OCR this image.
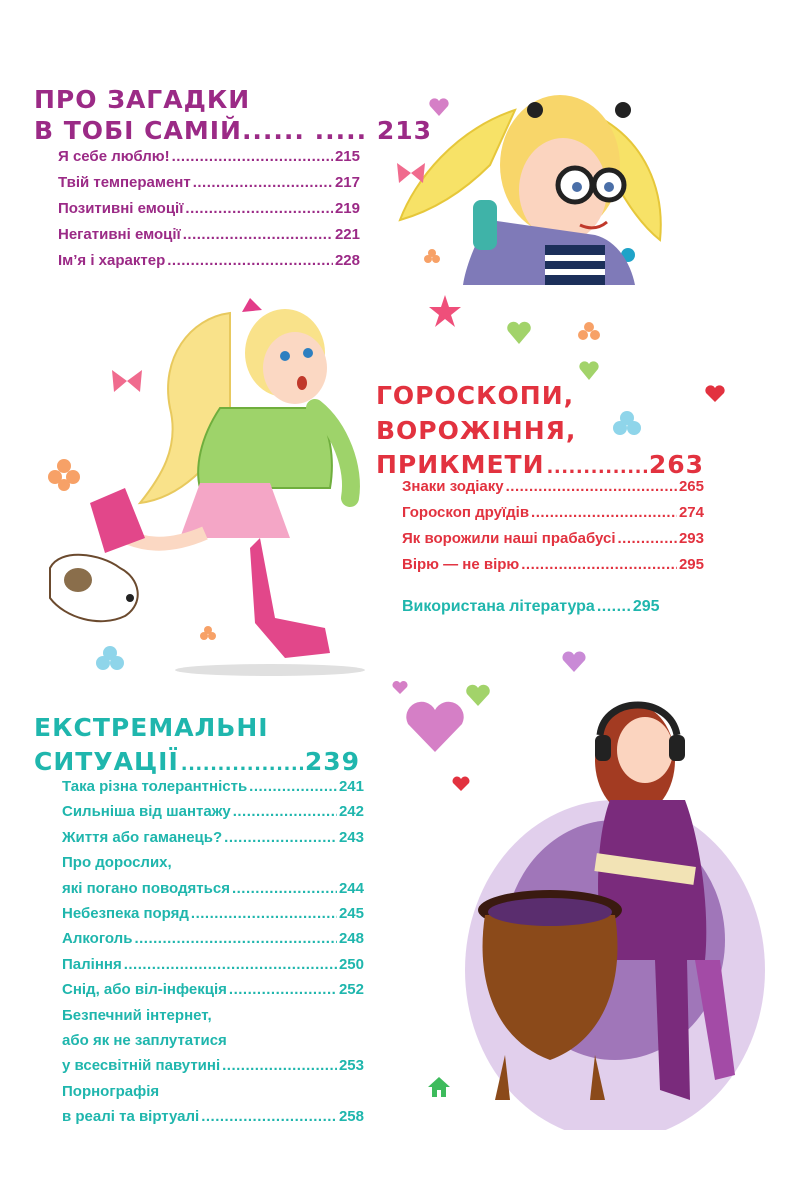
ПРО ЗАГАДКИ
В ТОБІ САМІЙ...... ..... 213
Я себе люблю! .....	215
Твій темперамент .....	217
Позитивні емоції .....	219
Негативні емоції .....	221
Ім’я і характер .....	228
ГОРОСКОПИ,
ВОРОЖІННЯ,
ПРИКМЕТИ .....	263
Знаки зодіаку .....	265
Гороскоп друїдів .....	274
Як ворожили наші прабабусі .....	293
Вірю — не вірю .....	295
Використана література ..... 295
ЕКСТРЕМАЛЬНІ
СИТУАЦІЇ .....	239
Така різна толерантність .....	241
Сильніша від шантажу .....	242
Життя або гаманець? .....	243
Про дорослих,
які погано поводяться .....	244
Небезпека поряд .....	245
Алкоголь .....	248
Паління .....	250
Снід, або віл-інфекція .....	252
Безпечний інтернет,
або як не заплутатися
у всесвітній павутині .....	253
Порнографія
в реалі та віртуалі .....	258
